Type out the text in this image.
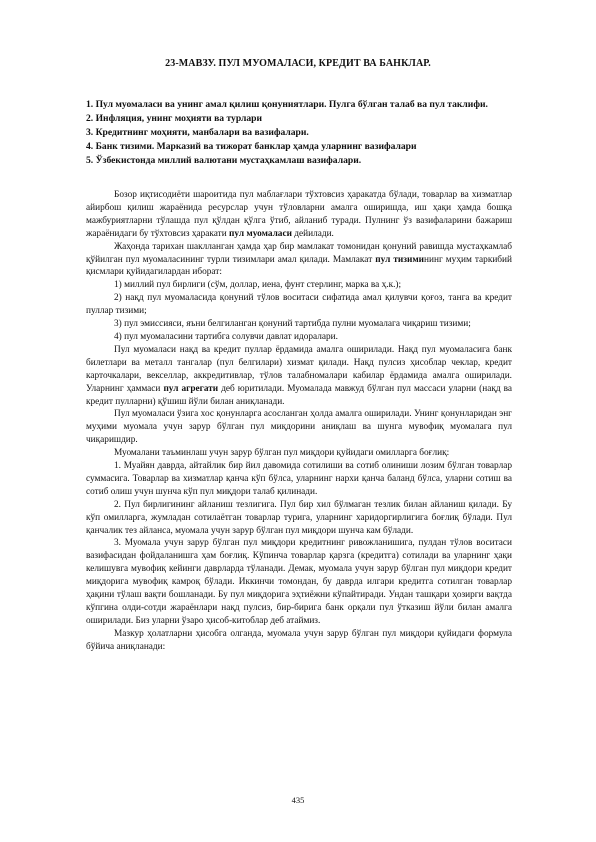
23-МАВЗУ. ПУЛ МУОМАЛАСИ, КРЕДИТ ВА БАНКЛАР.
1. Пул муомаласи ва унинг амал қилиш қонуниятлари. Пулга бўлган талаб ва пул таклифи.
2. Инфляция, унинг моҳияти ва турлари
3. Кредитнинг моҳияти, манбалари ва вазифалари.
4. Банк тизими. Марказий ва тижорат банклар ҳамда уларнинг вазифалари
5. Ўзбекистонда миллий валютани мустаҳкамлаш вазифалари.

Бозор иқтисодиёти шароитида пул маблағлари тўхтовсиз ҳаракатда бўлади, товарлар ва хизматлар айирбош қилиш жараёнида ресурслар учун тўловларни амалга оширишда, иш ҳақи ҳамда бошқа мажбуриятларни тўлашда пул қўлдан қўлга ўтиб, айланиб туради. Пулнинг ўз вазифаларини бажариш жараёнидаги бу тўхтовсиз ҳаракати пул муомаласи дейилади.

Жаҳонда тарихан шаклланган ҳамда ҳар бир мамлакат томонидан қонуний равишда мустаҳкамлаб қўйилган пул муомаласининг турли тизимлари амал қилади. Мамлакат пул тизимининг муҳим таркибий қисмлари қуйидагилардан иборат:

1) миллий пул бирлиги (сўм, доллар, иена, фунт стерлинг, марка ва ҳ.к.);

2) нақд пул муомаласида қонуний тўлов воситаси сифатида амал қилувчи қоғоз, танга ва кредит пуллар тизими;

3) пул эмиссияси, яъни белгиланган қонуний тартибда пулни муомалага чиқариш тизими;

4) пул муомаласини тартибга солувчи давлат идоралари.

Пул муомаласи нақд ва кредит пуллар ёрдамида амалга оширилади. Нақд пул муомаласига банк билетлари ва металл тангалар (пул белгилари) хизмат қилади. Нақд пулсиз ҳисоблар чеклар, кредит карточкалари, векселлар, аккредитивлар, тўлов талабномалари кабилар ёрдамида амалга оширилади. Уларнинг ҳаммаси пул агрегати деб юритилади. Муомалада мавжуд бўлган пул массаси уларни (нақд ва кредит пулларни) қўшиш йўли билан аниқланади.

Пул муомаласи ўзига хос қонунларга асосланган ҳолда амалга оширилади. Унинг қонунларидан энг муҳими муомала учун зарур бўлган пул миқдорини аниқлаш ва шунга мувофиқ муомалага пул чиқаришдир.

Муомалани таъминлаш учун зарур бўлган пул миқдори қуйидаги омилларга боғлиқ:

1. Муайян даврда, айтайлик бир йил давомида сотилиши ва сотиб олиниши лозим бўлган товарлар суммасига. Товарлар ва хизматлар қанча кўп бўлса, уларнинг нархи қанча баланд бўлса, уларни сотиш ва сотиб олиш учун шунча кўп пул миқдори талаб қилинади.

2. Пул бирлигининг айланиш тезлигига. Пул бир хил бўлмаган тезлик билан айланиш қилади. Бу кўп омилларга, жумладан сотилаётган товарлар турига, уларнинг харидоргирлигига боғлиқ бўлади. Пул қанчалик тез айланса, муомала учун зарур бўлган пул миқдори шунча кам бўлади.

3. Муомала учун зарур бўлган пул миқдори кредитнинг ривожланишига, пулдан тўлов воситаси вазифасидан фойдаланишга ҳам боғлиқ. Кўпинча товарлар қарзга (кредитга) сотилади ва уларнинг ҳақи келишувга мувофиқ кейинги даврларда тўланади. Демак, муомала учун зарур бўлган пул миқдори кредит миқдорига мувофиқ камроқ бўлади. Иккинчи томондан, бу даврда илгари кредитга сотилган товарлар ҳақини тўлаш вақти бошланади. Бу пул миқдорига эҳтиёжни кўпайтиради. Ундан ташқари ҳозирги вақтда кўпгина олди-сотди жараёнлари нақд пулсиз, бир-бирига банк орқали пул ўтказиш йўли билан амалга оширилади. Биз уларни ўзаро ҳисоб-китоблар деб атаймиз.

Мазкур ҳолатларни ҳисобга олганда, муомала учун зарур бўлган пул миқдори қуйидаги формула бўйича аниқланади:

435
